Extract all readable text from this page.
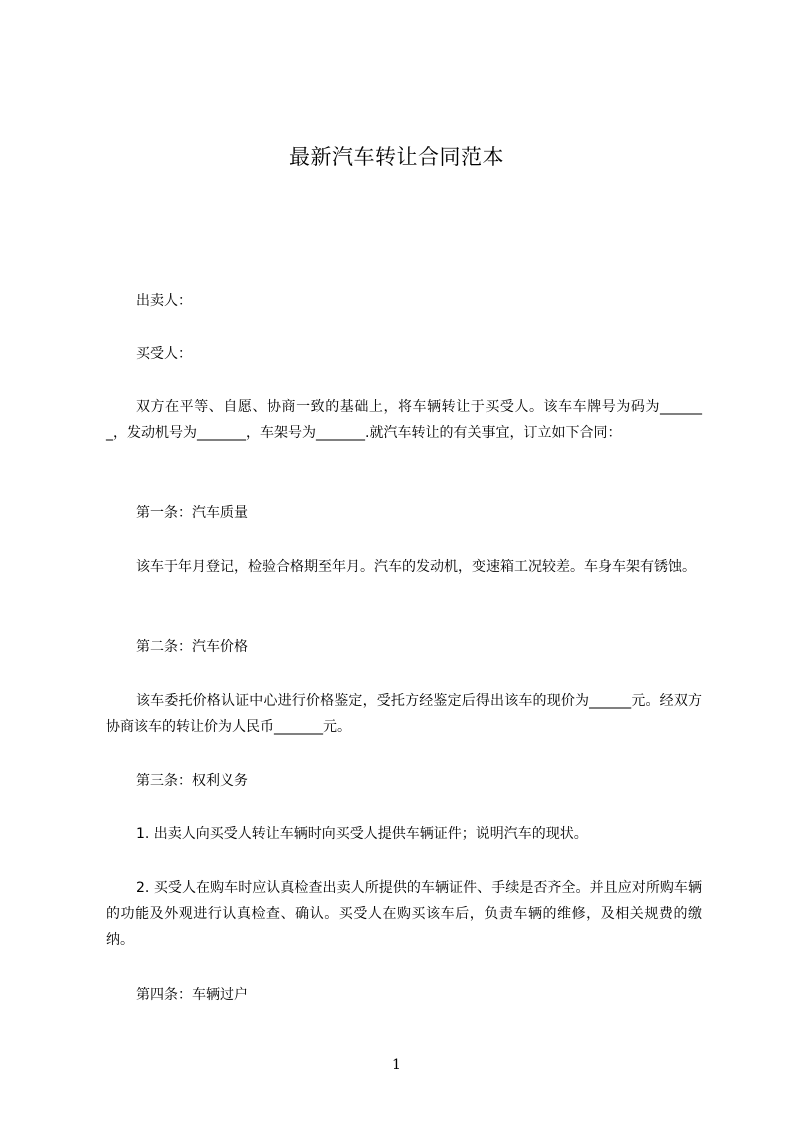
最新汽车转让合同范本

出卖人：

买受人：

双方在平等、自愿、协商一致的基础上，将车辆转让于买受人。该车车牌号为码为_______，发动机号为_______，车架号为_______.就汽车转让的有关事宜，订立如下合同：

第一条：汽车质量

该车于年月登记，检验合格期至年月。汽车的发动机，变速箱工况较差。车身车架有锈蚀。

第二条：汽车价格

该车委托价格认证中心进行价格鉴定，受托方经鉴定后得出该车的现价为______元。经双方协商该车的转让价为人民币_______元。

第三条：权利义务

1. 出卖人向买受人转让车辆时向买受人提供车辆证件；说明汽车的现状。

2. 买受人在购车时应认真检查出卖人所提供的车辆证件、手续是否齐全。并且应对所购车辆的功能及外观进行认真检查、确认。买受人在购买该车后，负责车辆的维修，及相关规费的缴纳。

第四条：车辆过户

1
